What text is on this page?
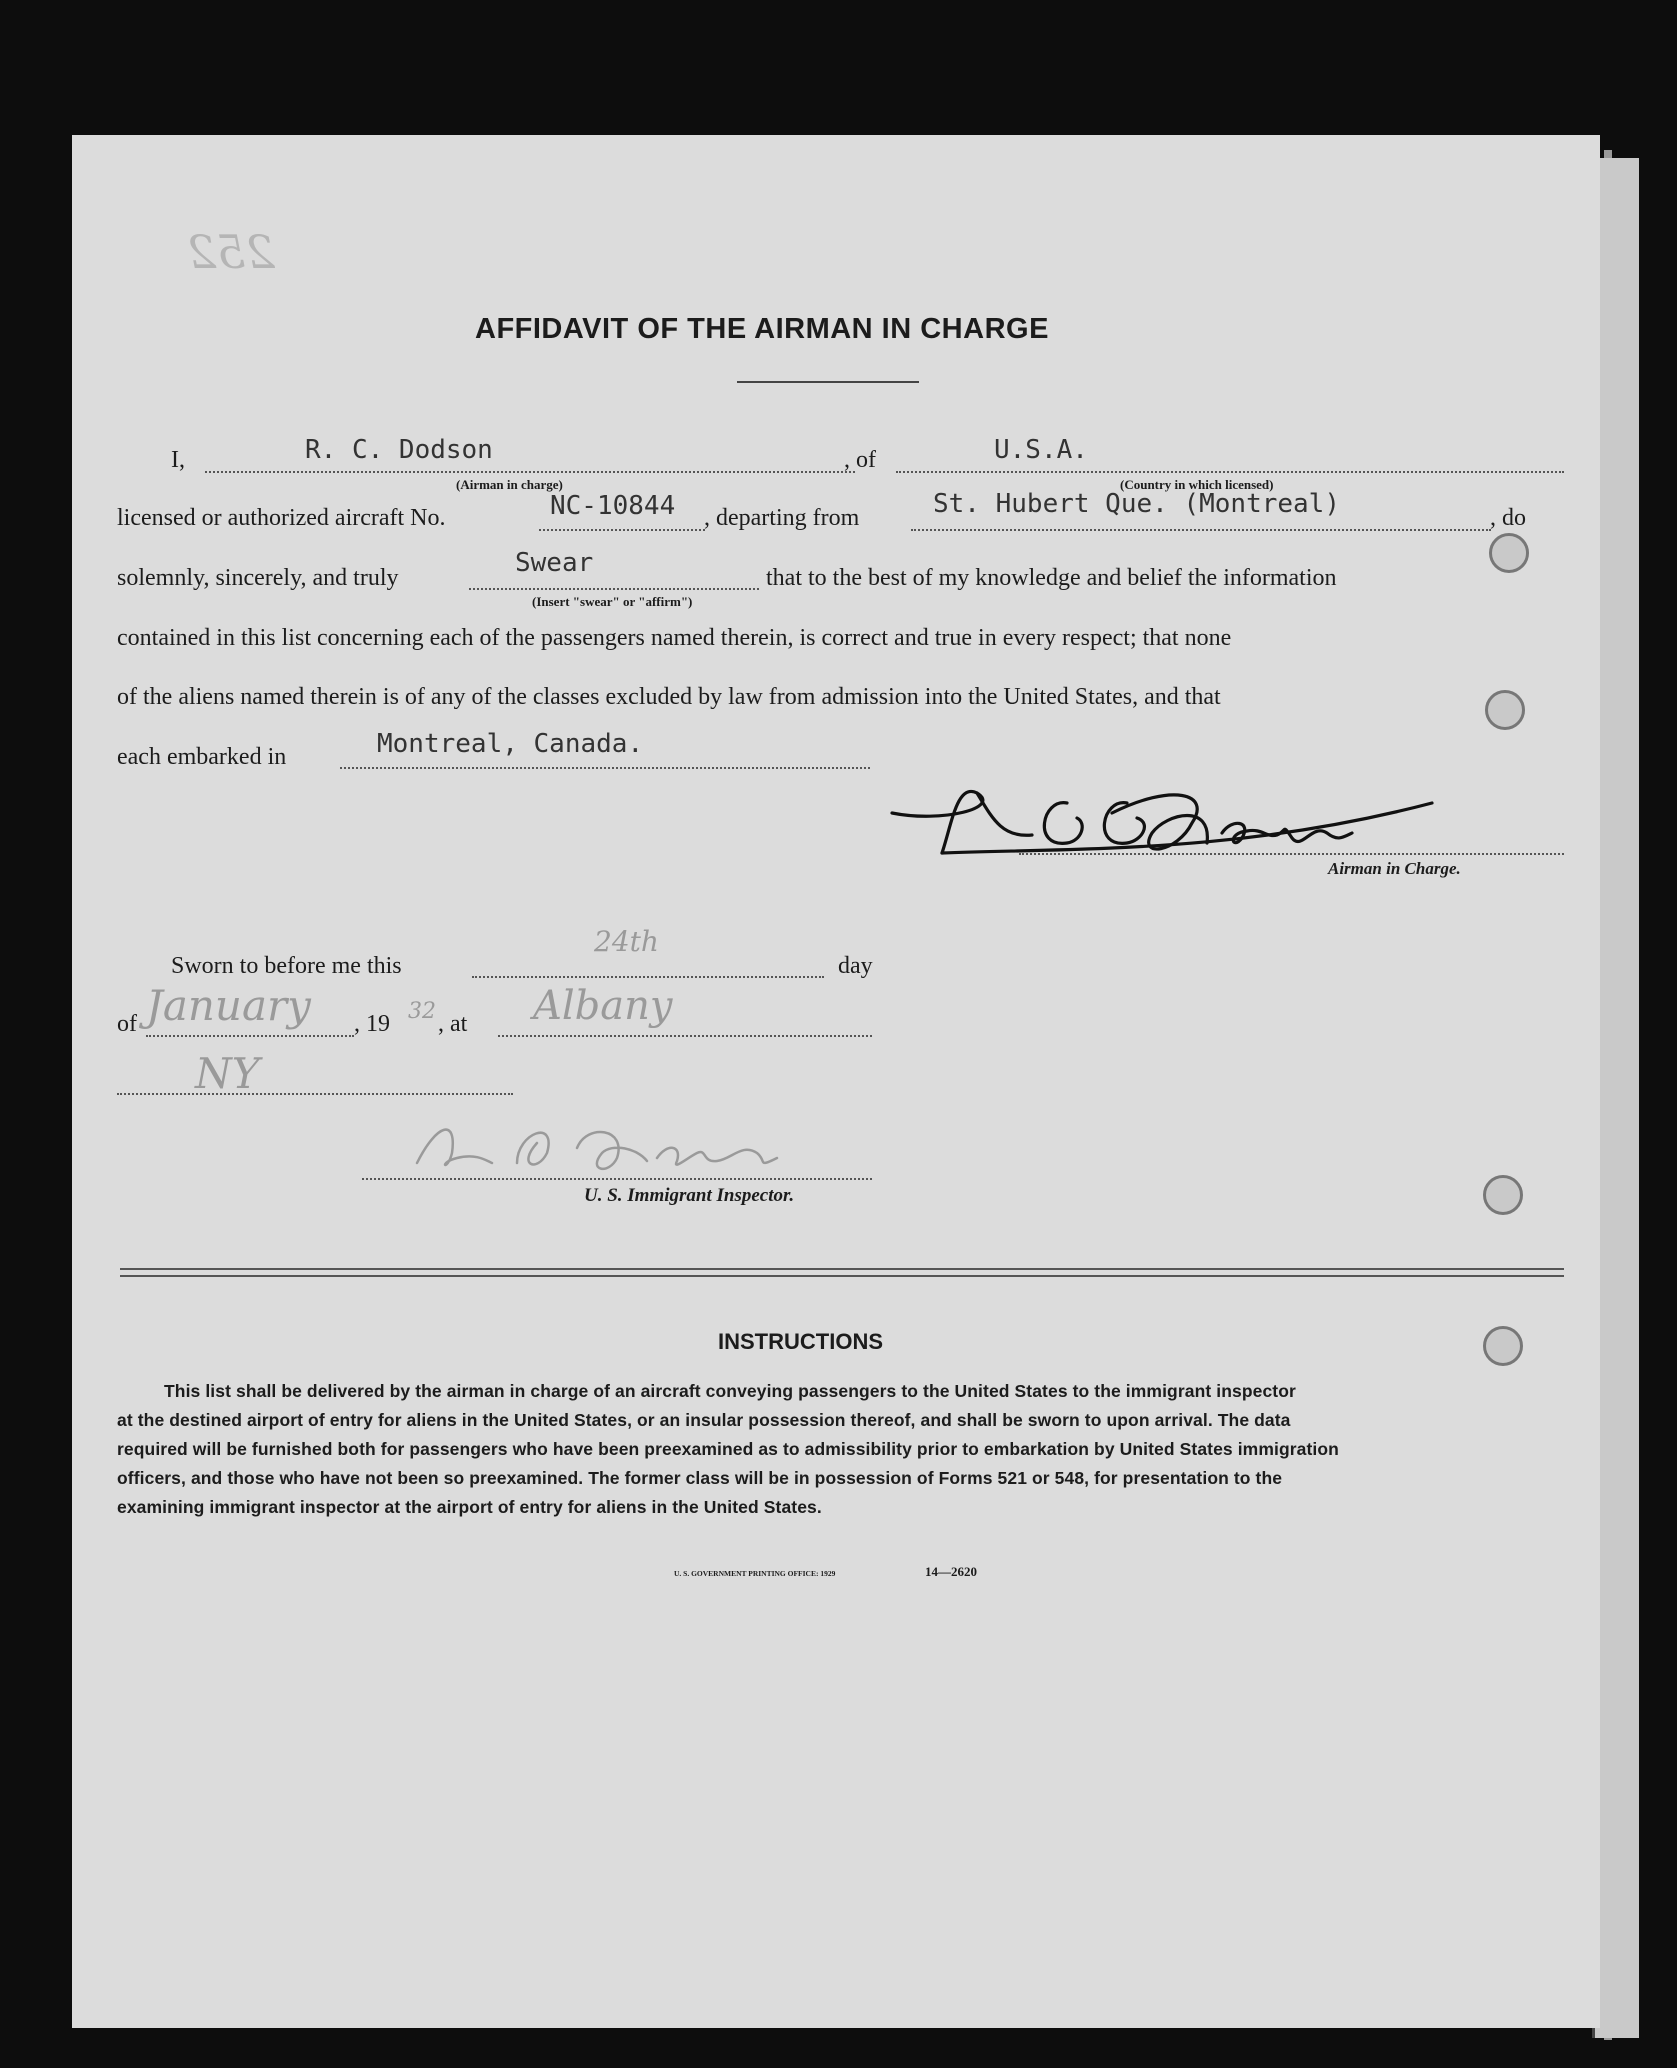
252
AFFIDAVIT OF THE AIRMAN IN CHARGE
I,	R. C. Dodson
(Airman in charge)
, of	U.S.A.
(Country in which licensed)
licensed or authorized aircraft No.	NC-10844 , departing from	St. Hubert Que. (Montreal)	, do
solemnly, sincerely, and truly	Swear
(Insert "swear" or "affirm")
that to the best of my knowledge and belief the information
contained in this list concerning each of the passengers named therein, is correct and true in every respect; that none
of the aliens named therein is of any of the classes excluded by law from admission into the United States, and that
each embarked in	Montreal, Canada.
Airman in Charge.
Sworn to before me this
24th
day
of January , 19 32 , at Albany
NY
U. S. Immigrant Inspector.
INSTRUCTIONS
This list shall be delivered by the airman in charge of an aircraft conveying passengers to the United States to the immigrant inspector
at the destined airport of entry for aliens in the United States, or an insular possession thereof, and shall be sworn to upon arrival. The data
required will be furnished both for passengers who have been preexamined as to admissibility prior to embarkation by United States immigration
officers, and those who have not been so preexamined. The former class will be in possession of Forms 521 or 548, for presentation to the
examining immigrant inspector at the airport of entry for aliens in the United States.
U. S. GOVERNMENT PRINTING OFFICE: 1929	14—2620
